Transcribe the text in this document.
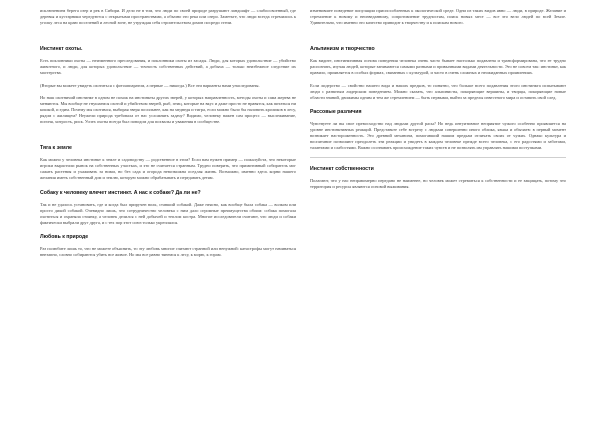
исключением берега озер и рек в Сибири. И дело не в том, что люди по своей природе разрушают ландшафт — слабоосвоенный, где деревья и кустарники чередуются с открытыми пространствами, а обычно это река или озеро. Заметьте, что люди всегда стремились к уголку леса на краю поселений и лесной зоне, не утруждая себя строительством домов посреди степи.

Инстинкт охоты.

Есть поклонники охоты — неизменного преследования, и поклонники охоты из засады. Люди, для которых удовольствие — убийство животного, и люди, для которых удовольствие — точность собственных действий, а добыча — только неизбежное следствие их мастерства.

(Вторые вы можете увидеть охотиться с фотоаппаратом, а первые — никогда.) Все эти варианты нами унаследованы.

Но наш охотничий инстинкт в одном не похож на инстинкты других зверей, у которых направленность, методы охоты и сама жертва не меняются. Мы вообще не гнушаемся охотой и убийством зверей, рыб, птиц, которые на вкус и даже просто не нравятся, как питаться ни кошкой, и едим. Почему мы охотимся, выбирая зверя посильнее, как на медведя и тигра, если можно было бы наловить кроликов в лесу, рядом с жилищем? Неужели природа требовала от нас усложнять задачу? Видимо, человеку важен сам процесс — выслеживание, погоня, хитрость, риск. Успех охоты всегда был поводом для похвалы и уважения в сообществе.

Тяга к земле

Как можно у человека инстинкт к земле и садоводству — родственное в этом? Если вам нужен пример — пожалуйста, что некоторые игроки вырастили рынок на собственных участках, и это не считается странным. Трудно поверить, что примитивный собиратель мог сажать растения и ухаживать за ними, но без сада и огорода невозможна оседлая жизнь. Возможно, именно здесь корни нашего желания иметь собственный дом и землю, которую можно обрабатывать и передавать детям.

Собаку к человеку влечет инстинкт. А нас к собаке? Да ли не?

Так и не удалось установить, где и когда был приручен волк, ставший собакой. Даже неясно, как вообще была собака — волком или просто дикой собакой. Очевидно лишь, что сотрудничество человека с ним дало огромные преимущества обоим: собака помогала охотиться и охраняла стоянку, а человек делился с ней добычей и теплом костра. Многие исследователи считают, что люди и собаки фактически выбрали друг друга, и с тех пор этот союз только укреплялся.

Любовь к природе

Раз полюбите лишь то, что не можете объяснить, то эту любовь многие считают странной или ненужной: катастрофы могут начинаться внезапно, словно собираются убить все живое. Но мы все равно тянемся к лесу, к морю, к горам.

изменившее поведение популяции приспособленных к экологической среде. Одни из таких видов явно — люди, в природе. Желание и стремление к новому и неизведанному, сопротивление трудностям, поиск новых мест — все это вело людей по всей Земле. Удивительно, что именно это качество приводит к творчеству и к поискам нового.

Альпинизм и творчество

Как видите, инстинктивная основа поведения человека очень часто бывает настолько подавлена и трансформирована, что ее трудно распознать, изучая людей, которые занимаются самыми разными и привычными видами деятельности. Это не совсем так: инстинкт, как правило, проявляется в особых формах, связанных с культурой, и часто в очень сложных и неожиданных проявлениях.

Если лидерство — свойство нашего вида и наших предков, то понятно, что больше всего подавления этого инстинкта испытывают люди с развитым лидерским поведением. Можно сказать, что альпинисты, покоряющие вершины, и творцы, покоряющие новые области знаний, движимы одним и тем же стремлением — быть первыми, выйти за пределы известного мира и оставить свой след.

Рассовые различия

Чувствуете ли вы свое превосходство над людьми другой расы? Но ведь интуитивное неприятие чужого особенно проявляется на уровне инстинктивных реакций. Представьте себе встречу с людьми совершенно иного облика, языка и обычаев: в первый момент возникает настороженность. Это древний механизм, помогавший нашим предкам отличать своих от чужих. Однако культура и воспитание позволяют преодолеть эти реакции и увидеть в каждом человеке прежде всего человека, с его радостями и заботами, талантами и слабостями. Важно осознавать происхождение таких чувств и не позволять им управлять нашими поступками.

Инстинкт собственности

Полагают, что у нас неправомерно передано не наименее, но человек может стремиться к собственности и ее защищать, потому что территория и ресурсы являются основой выживания.
